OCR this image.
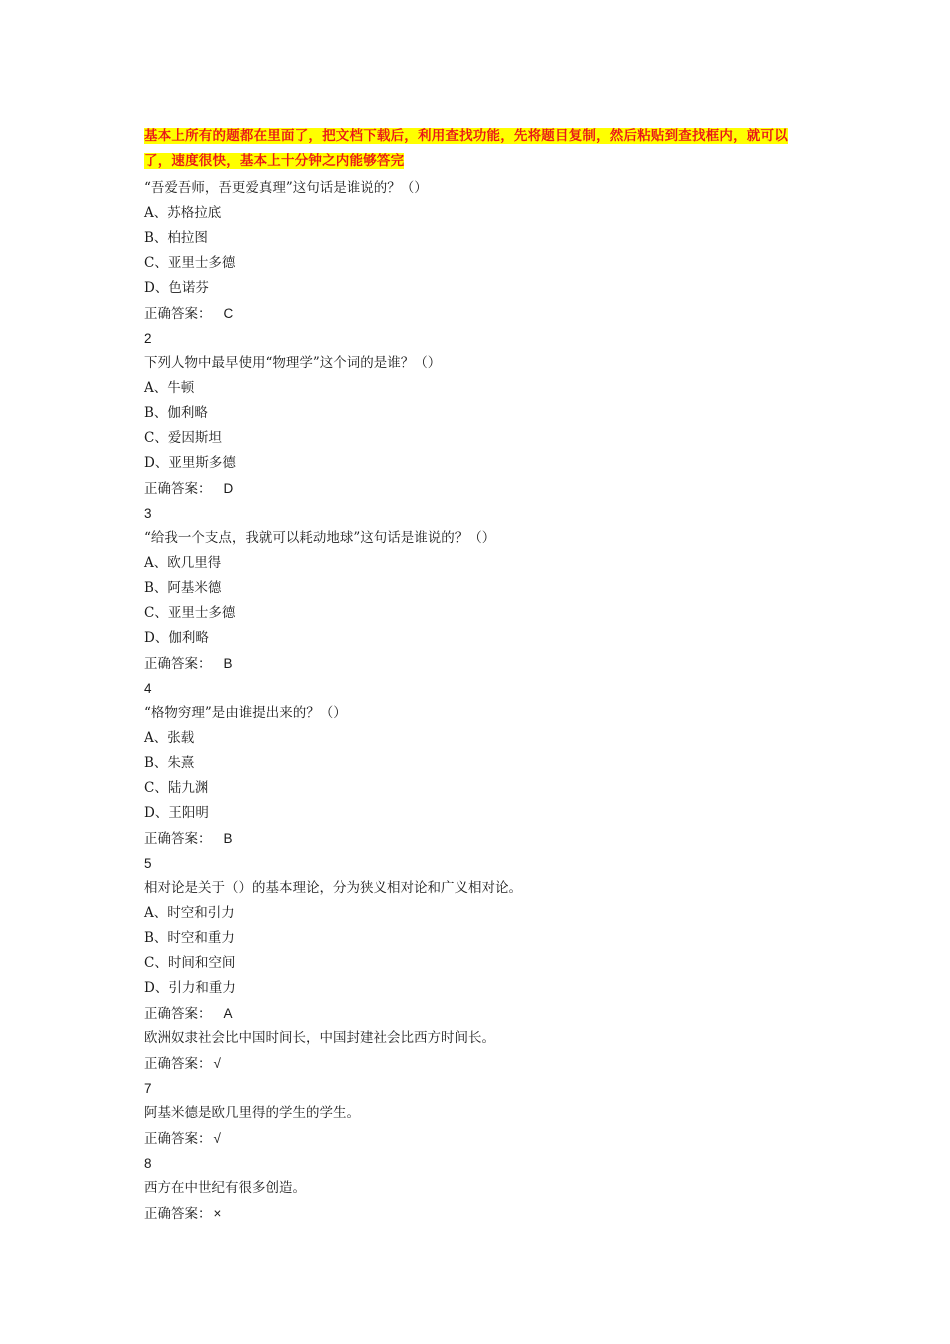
基本上所有的题都在里面了，把文档下载后，利用查找功能，先将题目复制，然后粘贴到查找框内，就可以了，速度很快，基本上十分钟之内能够答完

“吾爱吾师，吾更爱真理”这句话是谁说的？（）
A、苏格拉底
B、柏拉图
C、亚里士多德
D、色诺芬
正确答案： C
2
下列人物中最早使用“物理学”这个词的是谁？（）
A、牛顿
B、伽利略
C、爱因斯坦
D、亚里斯多德
正确答案： D
3
“给我一个支点，我就可以耗动地球”这句话是谁说的？（）
A、欧几里得
B、阿基米德
C、亚里士多德
D、伽利略
正确答案： B
4
“格物穷理”是由谁提出来的？（）
A、张载
B、朱熹
C、陆九渊
D、王阳明
正确答案： B
5
相对论是关于（）的基本理论，分为狭义相对论和广义相对论。
A、时空和引力
B、时空和重力
C、时间和空间
D、引力和重力
正确答案： A
欧洲奴隶社会比中国时间长，中国封建社会比西方时间长。
正确答案： √
7
阿基米德是欧几里得的学生的学生。
正确答案： √
8
西方在中世纪有很多创造。
正确答案： ×
